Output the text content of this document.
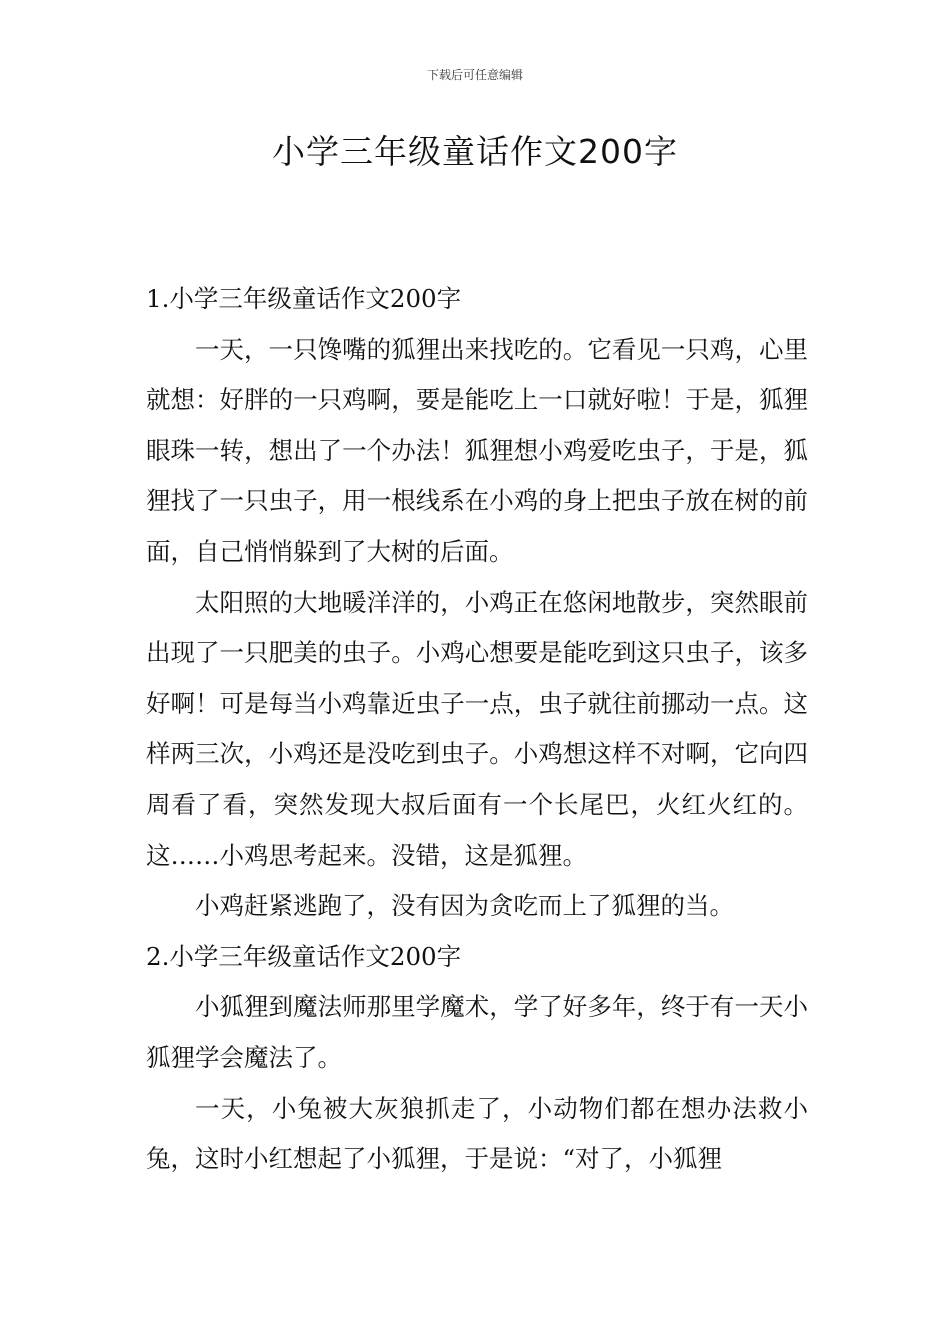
下载后可任意编辑
小学三年级童话作文200字

1.小学三年级童话作文200字

一天，一只馋嘴的狐狸出来找吃的。它看见一只鸡，心里就想：好胖的一只鸡啊，要是能吃上一口就好啦！于是，狐狸眼珠一转，想出了一个办法！狐狸想小鸡爱吃虫子，于是，狐狸找了一只虫子，用一根线系在小鸡的身上把虫子放在树的前面，自己悄悄躲到了大树的后面。

太阳照的大地暖洋洋的，小鸡正在悠闲地散步，突然眼前出现了一只肥美的虫子。小鸡心想要是能吃到这只虫子，该多好啊！可是每当小鸡靠近虫子一点，虫子就往前挪动一点。这样两三次，小鸡还是没吃到虫子。小鸡想这样不对啊，它向四周看了看，突然发现大叔后面有一个长尾巴，火红火红的。这……小鸡思考起来。没错，这是狐狸。

小鸡赶紧逃跑了，没有因为贪吃而上了狐狸的当。

2.小学三年级童话作文200字

小狐狸到魔法师那里学魔术，学了好多年，终于有一天小狐狸学会魔法了。

一天，小兔被大灰狼抓走了，小动物们都在想办法救小兔，这时小红想起了小狐狸，于是说：“对了，小狐狸
